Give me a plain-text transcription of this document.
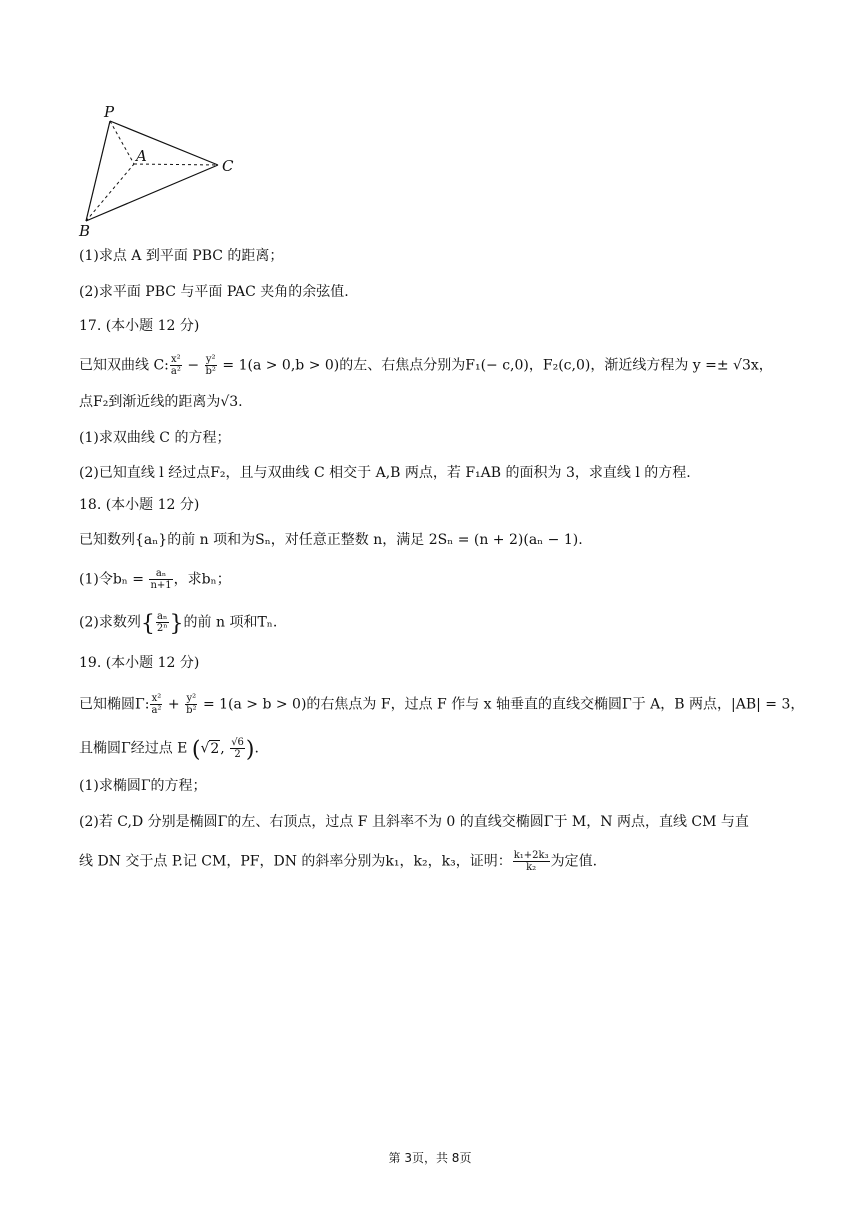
P
A
C
B
(1)求点 A 到平面 PBC 的距离；
(2)求平面 PBC 与平面 PAC 夹角的余弦值.
17. (本小题 12 分)
已知双曲线 C: $\frac{\text{x²}}{\text{a²}} - \frac{\text{y²}}{\text{b²}} = 1(a > 0,b > 0)$的左、右焦点分别为F₁(− c,0)，F₂(c,0)，渐近线方程为 y =± √3x，
点F₂到渐近线的距离为√3.
(1)求双曲线 C 的方程；
(2)已知直线 l 经过点F₂，且与双曲线 C 相交于 A,B 两点，若 F₁AB 的面积为 3，求直线 l 的方程.
18. (本小题 12 分)
已知数列{aₙ}的前 n 项和为Sₙ，对任意正整数 n，满足 2Sₙ = (n + 2)(aₙ − 1).
(1)令$b_n = \frac{\text{aₙ}}{n+1}$ ，求bₙ；
(2)求数列{ $\frac{\text{aₙ}}{\text{2ⁿ}}$ }的前 n 项和Tₙ.
19. (本小题 12 分)
已知椭圆Γ: $\frac{\text{x²}}{\text{a²}} + \frac{\text{y²}}{\text{b²}} = 1(a > b > 0)$的右焦点为 F，过点 F 作与 x 轴垂直的直线交椭圆Γ于 A，B 两点，|AB| = 3，
且椭圆Γ经过点 E (√2, $\frac{√6}{2}$ ).
(1)求椭圆Γ的方程；
(2)若 C,D 分别是椭圆Γ的左、右顶点，过点 F 且斜率不为 0 的直线交椭圆Γ于 M，N 两点，直线 CM 与直
线 DN 交于点 P.记 CM，PF，DN 的斜率分别为k₁，k₂，k₃，证明： $\frac{\text{k₁+2k₃}}{\text{k₂}}$ 为定值.
第 3页，共 8页
